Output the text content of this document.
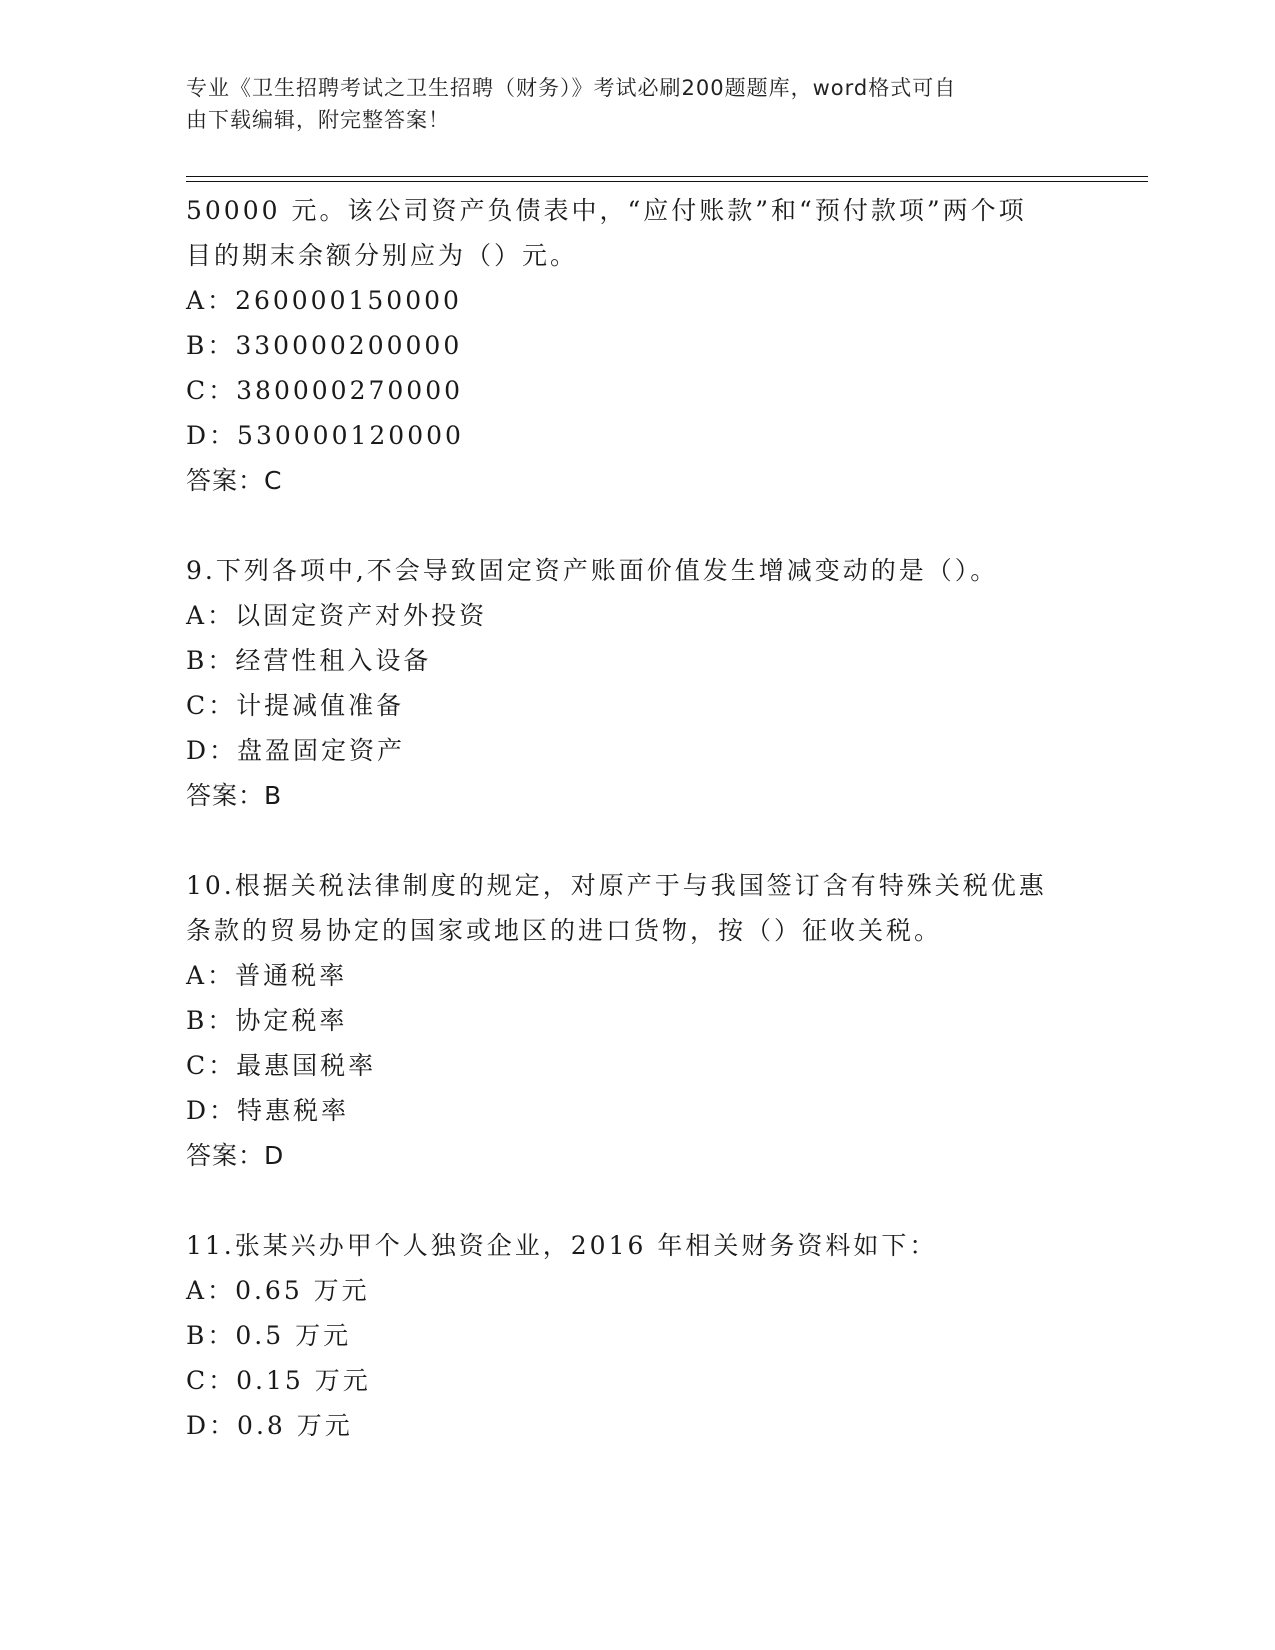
专业《卫生招聘考试之卫生招聘（财务）》考试必刷200题题库，word格式可自
由下载编辑，附完整答案！
50000 元。该公司资产负债表中，“应付账款”和“预付款项”两个项
目的期末余额分别应为（）元。
A：260000150000
B：330000200000
C：380000270000
D：530000120000
答案：C
9.下列各项中,不会导致固定资产账面价值发生增减变动的是（）。
A：以固定资产对外投资
B：经营性租入设备
C：计提减值准备
D：盘盈固定资产
答案：B
10.根据关税法律制度的规定，对原产于与我国签订含有特殊关税优惠
条款的贸易协定的国家或地区的进口货物，按（）征收关税。
A：普通税率
B：协定税率
C：最惠国税率
D：特惠税率
答案：D
11.张某兴办甲个人独资企业，2016 年相关财务资料如下：
A：0.65 万元
B：0.5 万元
C：0.15 万元
D：0.8 万元
